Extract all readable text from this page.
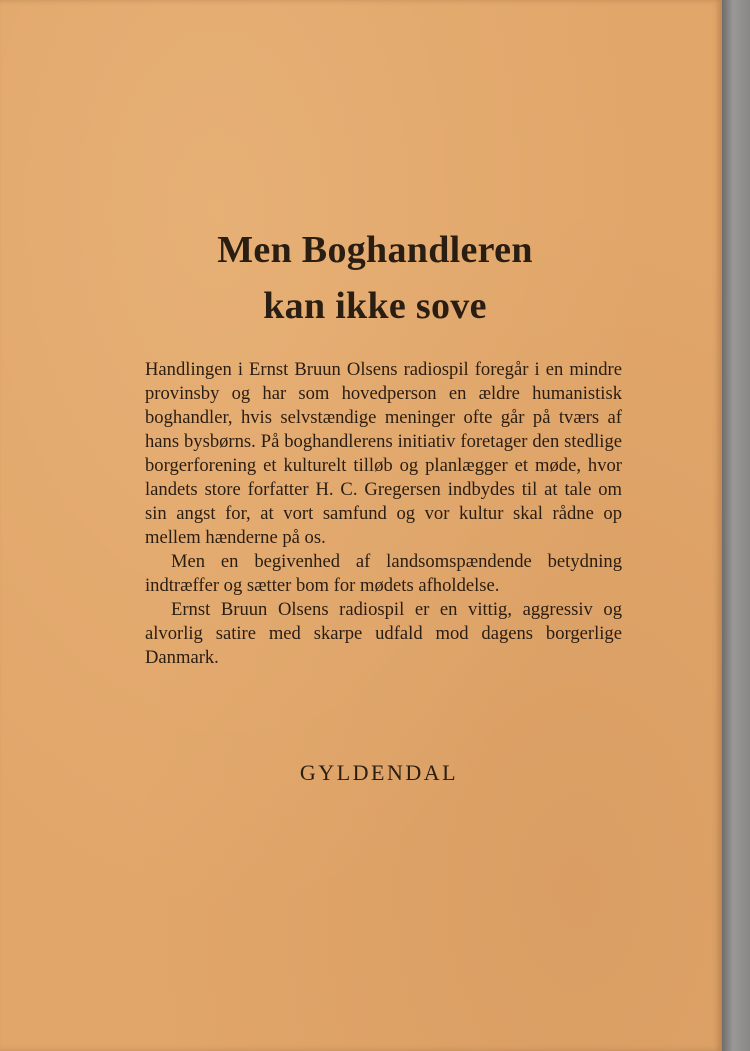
Men Boghandleren
kan ikke sove

Handlingen i Ernst Bruun Olsens radiospil foregår i en mindre provinsby og har som hovedperson en ældre humanistisk boghandler, hvis selvstændige meninger ofte går på tværs af hans bysbørns. På boghandlerens initiativ foretager den stedlige borgerforening et kulturelt tilløb og planlægger et møde, hvor landets store forfatter H. C. Gregersen indbydes til at tale om sin angst for, at vort samfund og vor kultur skal rådne op mellem hænderne på os.

Men en begivenhed af landsomspændende betydning indtræffer og sætter bom for mødets afholdelse.

Ernst Bruun Olsens radiospil er en vittig, aggressiv og alvorlig satire med skarpe udfald mod dagens borgerlige Danmark.

GYLDENDAL
